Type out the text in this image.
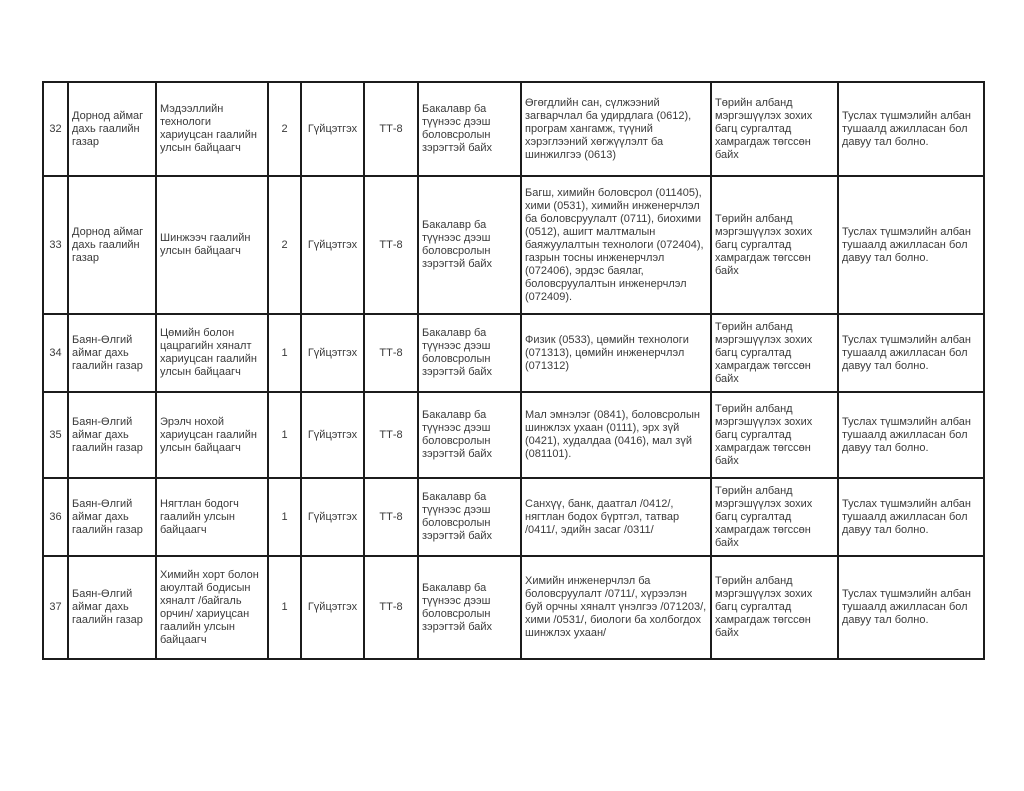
32	Дорнод аймаг дахь гаалийн газар	Мэдээллийн технологи хариуцсан гаалийн улсын байцаагч	2	Гүйцэтгэх	ТТ-8	Бакалавр ба түүнээс дээш боловсролын зэрэгтэй байх	Өгөгдлийн сан, сүлжээний загварчлал ба удирдлага (0612), програм хангамж, түүний хэрэглээний хөгжүүлэлт ба шинжилгээ (0613)	Төрийн албанд мэргэшүүлэх зохих багц сургалтад хамрагдаж төгссөн байх	Туслах түшмэлийн албан тушаалд ажилласан бол давуу тал болно.
33	Дорнод аймаг дахь гаалийн газар	Шинжээч гаалийн улсын байцаагч	2	Гүйцэтгэх	ТТ-8	Бакалавр ба түүнээс дээш боловсролын зэрэгтэй байх	Багш, химийн боловсрол (011405), хими (0531), химийн инженерчлэл ба боловсруулалт (0711), биохими (0512), ашигт малтмалын баяжуулалтын технологи (072404), газрын тосны инженерчлэл (072406), эрдэс баялаг, боловсруулалтын инженерчлэл (072409).	Төрийн албанд мэргэшүүлэх зохих багц сургалтад хамрагдаж төгссөн байх	Туслах түшмэлийн албан тушаалд ажилласан бол давуу тал болно.
34	Баян-Өлгий аймаг дахь гаалийн газар	Цөмийн болон цацрагийн хяналт хариуцсан гаалийн улсын байцаагч	1	Гүйцэтгэх	ТТ-8	Бакалавр ба түүнээс дээш боловсролын зэрэгтэй байх	Физик (0533), цөмийн технологи (071313), цөмийн инженерчлэл (071312)	Төрийн албанд мэргэшүүлэх зохих багц сургалтад хамрагдаж төгссөн байх	Туслах түшмэлийн албан тушаалд ажилласан бол давуу тал болно.
35	Баян-Өлгий аймаг дахь гаалийн газар	Эрэлч нохой хариуцсан гаалийн улсын байцаагч	1	Гүйцэтгэх	ТТ-8	Бакалавр ба түүнээс дээш боловсролын зэрэгтэй байх	Мал эмнэлэг (0841), боловсролын шинжлэх ухаан (0111), эрх зүй (0421), худалдаа (0416), мал зүй (081101).	Төрийн албанд мэргэшүүлэх зохих багц сургалтад хамрагдаж төгссөн байх	Туслах түшмэлийн албан тушаалд ажилласан бол давуу тал болно.
36	Баян-Өлгий аймаг дахь гаалийн газар	Нягтлан бодогч гаалийн улсын байцаагч	1	Гүйцэтгэх	ТТ-8	Бакалавр ба түүнээс дээш боловсролын зэрэгтэй байх	Санхүү, банк, даатгал /0412/, нягтлан бодох бүртгэл, татвар /0411/, эдийн засаг /0311/	Төрийн албанд мэргэшүүлэх зохих багц сургалтад хамрагдаж төгссөн байх	Туслах түшмэлийн албан тушаалд ажилласан бол давуу тал болно.
37	Баян-Өлгий аймаг дахь гаалийн газар	Химийн хорт болон аюултай бодисын хяналт /байгаль орчин/ хариуцсан гаалийн улсын байцаагч	1	Гүйцэтгэх	ТТ-8	Бакалавр ба түүнээс дээш боловсролын зэрэгтэй байх	Химийн инженерчлэл ба боловсруулалт /0711/, хүрээлэн буй орчны хяналт үнэлгээ /071203/, хими /0531/, биологи ба холбогдох шинжлэх ухаан/	Төрийн албанд мэргэшүүлэх зохих багц сургалтад хамрагдаж төгссөн байх	Туслах түшмэлийн албан тушаалд ажилласан бол давуу тал болно.
